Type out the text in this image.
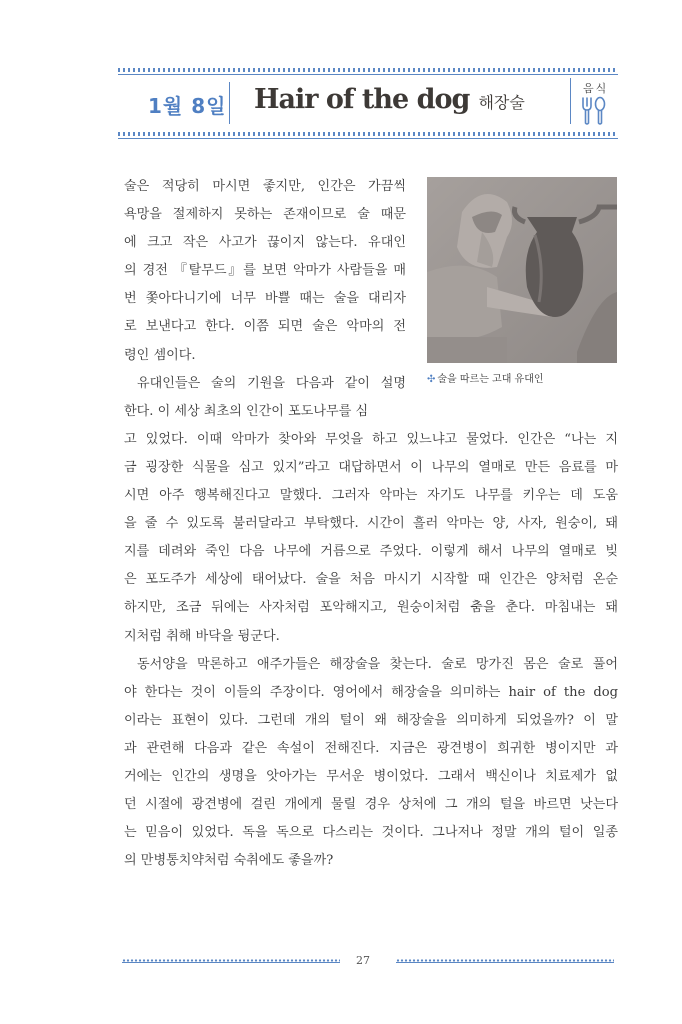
1월 8일 Hair of the dog 해장술
음식
✣ 술을 따르는 고대 유대인
술은 적당히 마시면 좋지만, 인간은 가끔씩
욕망을 절제하지 못하는 존재이므로 술 때문
에 크고 작은 사고가 끊이지 않는다. 유대인
의 경전 『탈무드』를 보면 악마가 사람들을 매
번 쫓아다니기에 너무 바쁠 때는 술을 대리자
로 보낸다고 한다. 이쯤 되면 술은 악마의 전
령인 셈이다.
유대인들은 술의 기원을 다음과 같이 설명
한다. 이 세상 최초의 인간이 포도나무를 심
고 있었다. 이때 악마가 찾아와 무엇을 하고 있느냐고 물었다. 인간은 “나는 지
금 굉장한 식물을 심고 있지”라고 대답하면서 이 나무의 열매로 만든 음료를 마
시면 아주 행복해진다고 말했다. 그러자 악마는 자기도 나무를 키우는 데 도움
을 줄 수 있도록 불러달라고 부탁했다. 시간이 흘러 악마는 양, 사자, 원숭이, 돼
지를 데려와 죽인 다음 나무에 거름으로 주었다. 이렇게 해서 나무의 열매로 빚
은 포도주가 세상에 태어났다. 술을 처음 마시기 시작할 때 인간은 양처럼 온순
하지만, 조금 뒤에는 사자처럼 포악해지고, 원숭이처럼 춤을 춘다. 마침내는 돼
지처럼 취해 바닥을 뒹군다.
동서양을 막론하고 애주가들은 해장술을 찾는다. 술로 망가진 몸은 술로 풀어
야 한다는 것이 이들의 주장이다. 영어에서 해장술을 의미하는 hair of the dog
이라는 표현이 있다. 그런데 개의 털이 왜 해장술을 의미하게 되었을까? 이 말
과 관련해 다음과 같은 속설이 전해진다. 지금은 광견병이 희귀한 병이지만 과
거에는 인간의 생명을 앗아가는 무서운 병이었다. 그래서 백신이나 치료제가 없
던 시절에 광견병에 걸린 개에게 물릴 경우 상처에 그 개의 털을 바르면 낫는다
는 믿음이 있었다. 독을 독으로 다스리는 것이다. 그나저나 정말 개의 털이 일종
의 만병통치약처럼 숙취에도 좋을까?
27
